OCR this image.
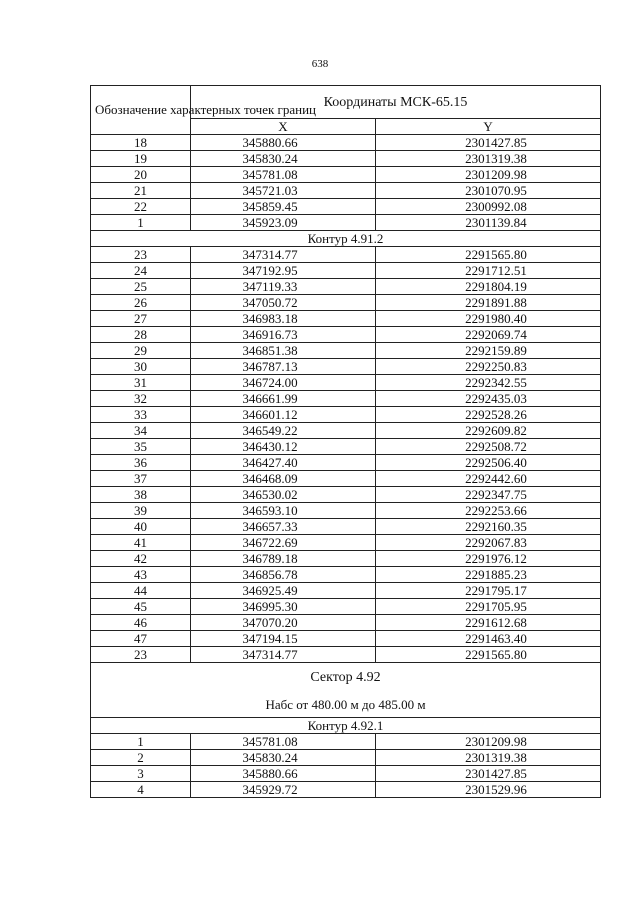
638
Обозначение характерных точек границ	Координаты МСК-65.15	
	X	Y
18	345880.66	2301427.85
19	345830.24	2301319.38
20	345781.08	2301209.98
21	345721.03	2301070.95
22	345859.45	2300992.08
1	345923.09	2301139.84
Контур 4.91.2		
23	347314.77	2291565.80
24	347192.95	2291712.51
25	347119.33	2291804.19
26	347050.72	2291891.88
27	346983.18	2291980.40
28	346916.73	2292069.74
29	346851.38	2292159.89
30	346787.13	2292250.83
31	346724.00	2292342.55
32	346661.99	2292435.03
33	346601.12	2292528.26
34	346549.22	2292609.82
35	346430.12	2292508.72
36	346427.40	2292506.40
37	346468.09	2292442.60
38	346530.02	2292347.75
39	346593.10	2292253.66
40	346657.33	2292160.35
41	346722.69	2292067.83
42	346789.18	2291976.12
43	346856.78	2291885.23
44	346925.49	2291795.17
45	346995.30	2291705.95
46	347070.20	2291612.68
47	347194.15	2291463.40
23	347314.77	2291565.80
Сектор 4.92		
Набс от 480.00 м до 485.00 м		
Контур 4.92.1		
1	345781.08	2301209.98
2	345830.24	2301319.38
3	345880.66	2301427.85
4	345929.72	2301529.96
